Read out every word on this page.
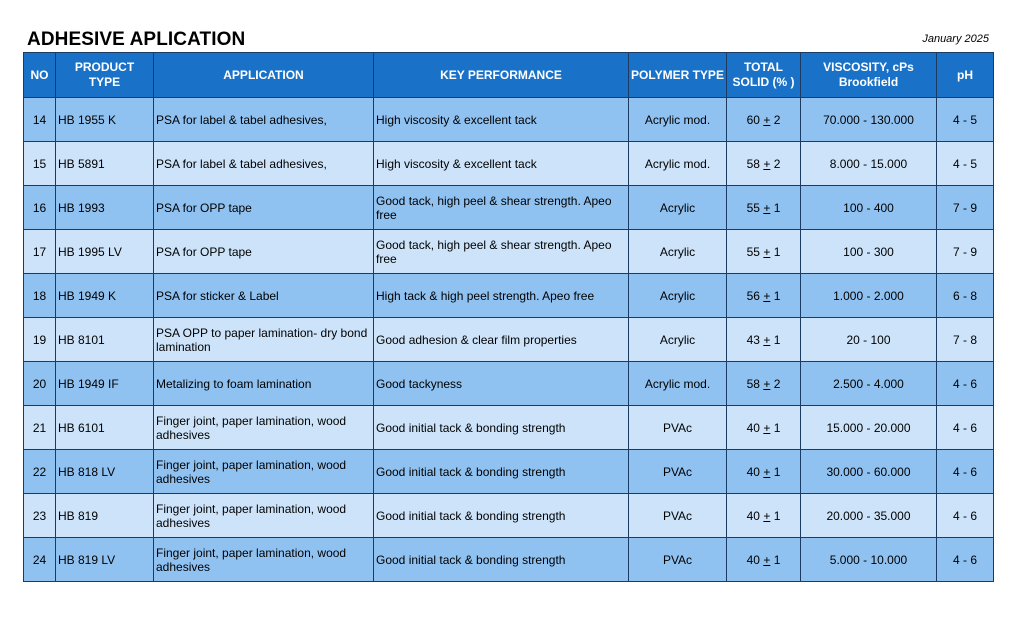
ADHESIVE APLICATION	January 2025
NO	PRODUCT TYPE	APPLICATION	KEY PERFORMANCE	POLYMER TYPE	TOTAL SOLID (% )	VISCOSITY, cPs Brookfield	pH
14	HB 1955 K	PSA for label & tabel adhesives,	High viscosity & excellent tack	Acrylic mod.	60 + 2	70.000 - 130.000	4 - 5
15	HB 5891	PSA for label & tabel adhesives,	High viscosity & excellent tack	Acrylic mod.	58 + 2	8.000 - 15.000	4 - 5
16	HB 1993	PSA for OPP tape	Good tack, high peel & shear strength. Apeo free	Acrylic	55 + 1	100 - 400	7 - 9
17	HB 1995 LV	PSA for OPP tape	Good tack, high peel & shear strength. Apeo free	Acrylic	55 + 1	100 - 300	7 - 9
18	HB 1949 K	PSA for sticker & Label	High tack & high peel strength. Apeo free	Acrylic	56 + 1	1.000 - 2.000	6 - 8
19	HB 8101	PSA OPP to paper lamination- dry bond lamination	Good adhesion & clear film properties	Acrylic	43 + 1	20 - 100	7 - 8
20	HB 1949 IF	Metalizing to foam lamination	Good tackyness	Acrylic mod.	58 + 2	2.500 - 4.000	4 - 6
21	HB 6101	Finger joint, paper lamination, wood adhesives	Good initial tack & bonding strength	PVAc	40 + 1	15.000 - 20.000	4 - 6
22	HB 818 LV	Finger joint, paper lamination, wood adhesives	Good initial tack & bonding strength	PVAc	40 + 1	30.000 - 60.000	4 - 6
23	HB 819	Finger joint, paper lamination, wood adhesives	Good initial tack & bonding strength	PVAc	40 + 1	20.000 - 35.000	4 - 6
24	HB 819 LV	Finger joint, paper lamination, wood adhesives	Good initial tack & bonding strength	PVAc	40 + 1	5.000 - 10.000	4 - 6
